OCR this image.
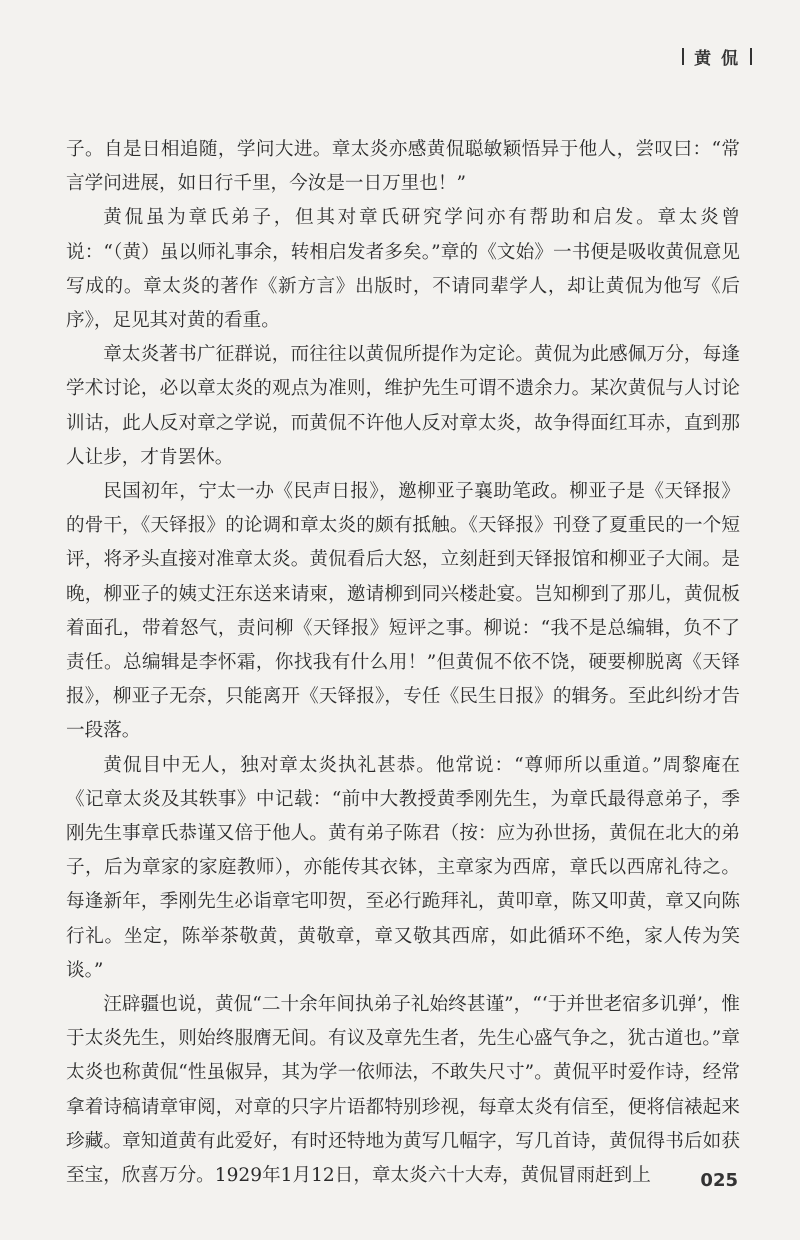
黄 侃

子。自是日相追随，学问大进。章太炎亦感黄侃聪敏颖悟异于他人，尝叹曰：“常言学问进展，如日行千里，今汝是一日万里也！”

黄侃虽为章氏弟子，但其对章氏研究学问亦有帮助和启发。章太炎曾说：“（黄）虽以师礼事余，转相启发者多矣。”章的《文始》一书便是吸收黄侃意见写成的。章太炎的著作《新方言》出版时，不请同辈学人，却让黄侃为他写《后序》，足见其对黄的看重。

章太炎著书广征群说，而往往以黄侃所提作为定论。黄侃为此感佩万分，每逢学术讨论，必以章太炎的观点为准则，维护先生可谓不遗余力。某次黄侃与人讨论训诂，此人反对章之学说，而黄侃不许他人反对章太炎，故争得面红耳赤，直到那人让步，才肯罢休。

民国初年，宁太一办《民声日报》，邀柳亚子襄助笔政。柳亚子是《天铎报》的骨干，《天铎报》的论调和章太炎的颇有抵触。《天铎报》刊登了夏重民的一个短评，将矛头直接对准章太炎。黄侃看后大怒，立刻赶到天铎报馆和柳亚子大闹。是晚，柳亚子的姨丈汪东送来请柬，邀请柳到同兴楼赴宴。岂知柳到了那儿，黄侃板着面孔，带着怒气，责问柳《天铎报》短评之事。柳说：“我不是总编辑，负不了责任。总编辑是李怀霜，你找我有什么用！”但黄侃不依不饶，硬要柳脱离《天铎报》，柳亚子无奈，只能离开《天铎报》，专任《民生日报》的辑务。至此纠纷才告一段落。

黄侃目中无人，独对章太炎执礼甚恭。他常说：“尊师所以重道。”周黎庵在《记章太炎及其轶事》中记载：“前中大教授黄季刚先生，为章氏最得意弟子，季刚先生事章氏恭谨又倍于他人。黄有弟子陈君（按：应为孙世扬，黄侃在北大的弟子，后为章家的家庭教师），亦能传其衣钵，主章家为西席，章氏以西席礼待之。每逢新年，季刚先生必诣章宅叩贺，至必行跪拜礼，黄叩章，陈又叩黄，章又向陈行礼。坐定，陈举茶敬黄，黄敬章，章又敬其西席，如此循环不绝，家人传为笑谈。”

汪辟疆也说，黄侃“二十余年间执弟子礼始终甚谨”，“‘于并世老宿多讥弹’，惟于太炎先生，则始终服膺无间。有议及章先生者，先生心盛气争之，犹古道也。”章太炎也称黄侃“性虽俶异，其为学一依师法，不敢失尺寸”。黄侃平时爱作诗，经常拿着诗稿请章审阅，对章的只字片语都特别珍视，每章太炎有信至，便将信裱起来珍藏。章知道黄有此爱好，有时还特地为黄写几幅字，写几首诗，黄侃得书后如获至宝，欣喜万分。1929年1月12日，章太炎六十大寿，黄侃冒雨赶到上	025
